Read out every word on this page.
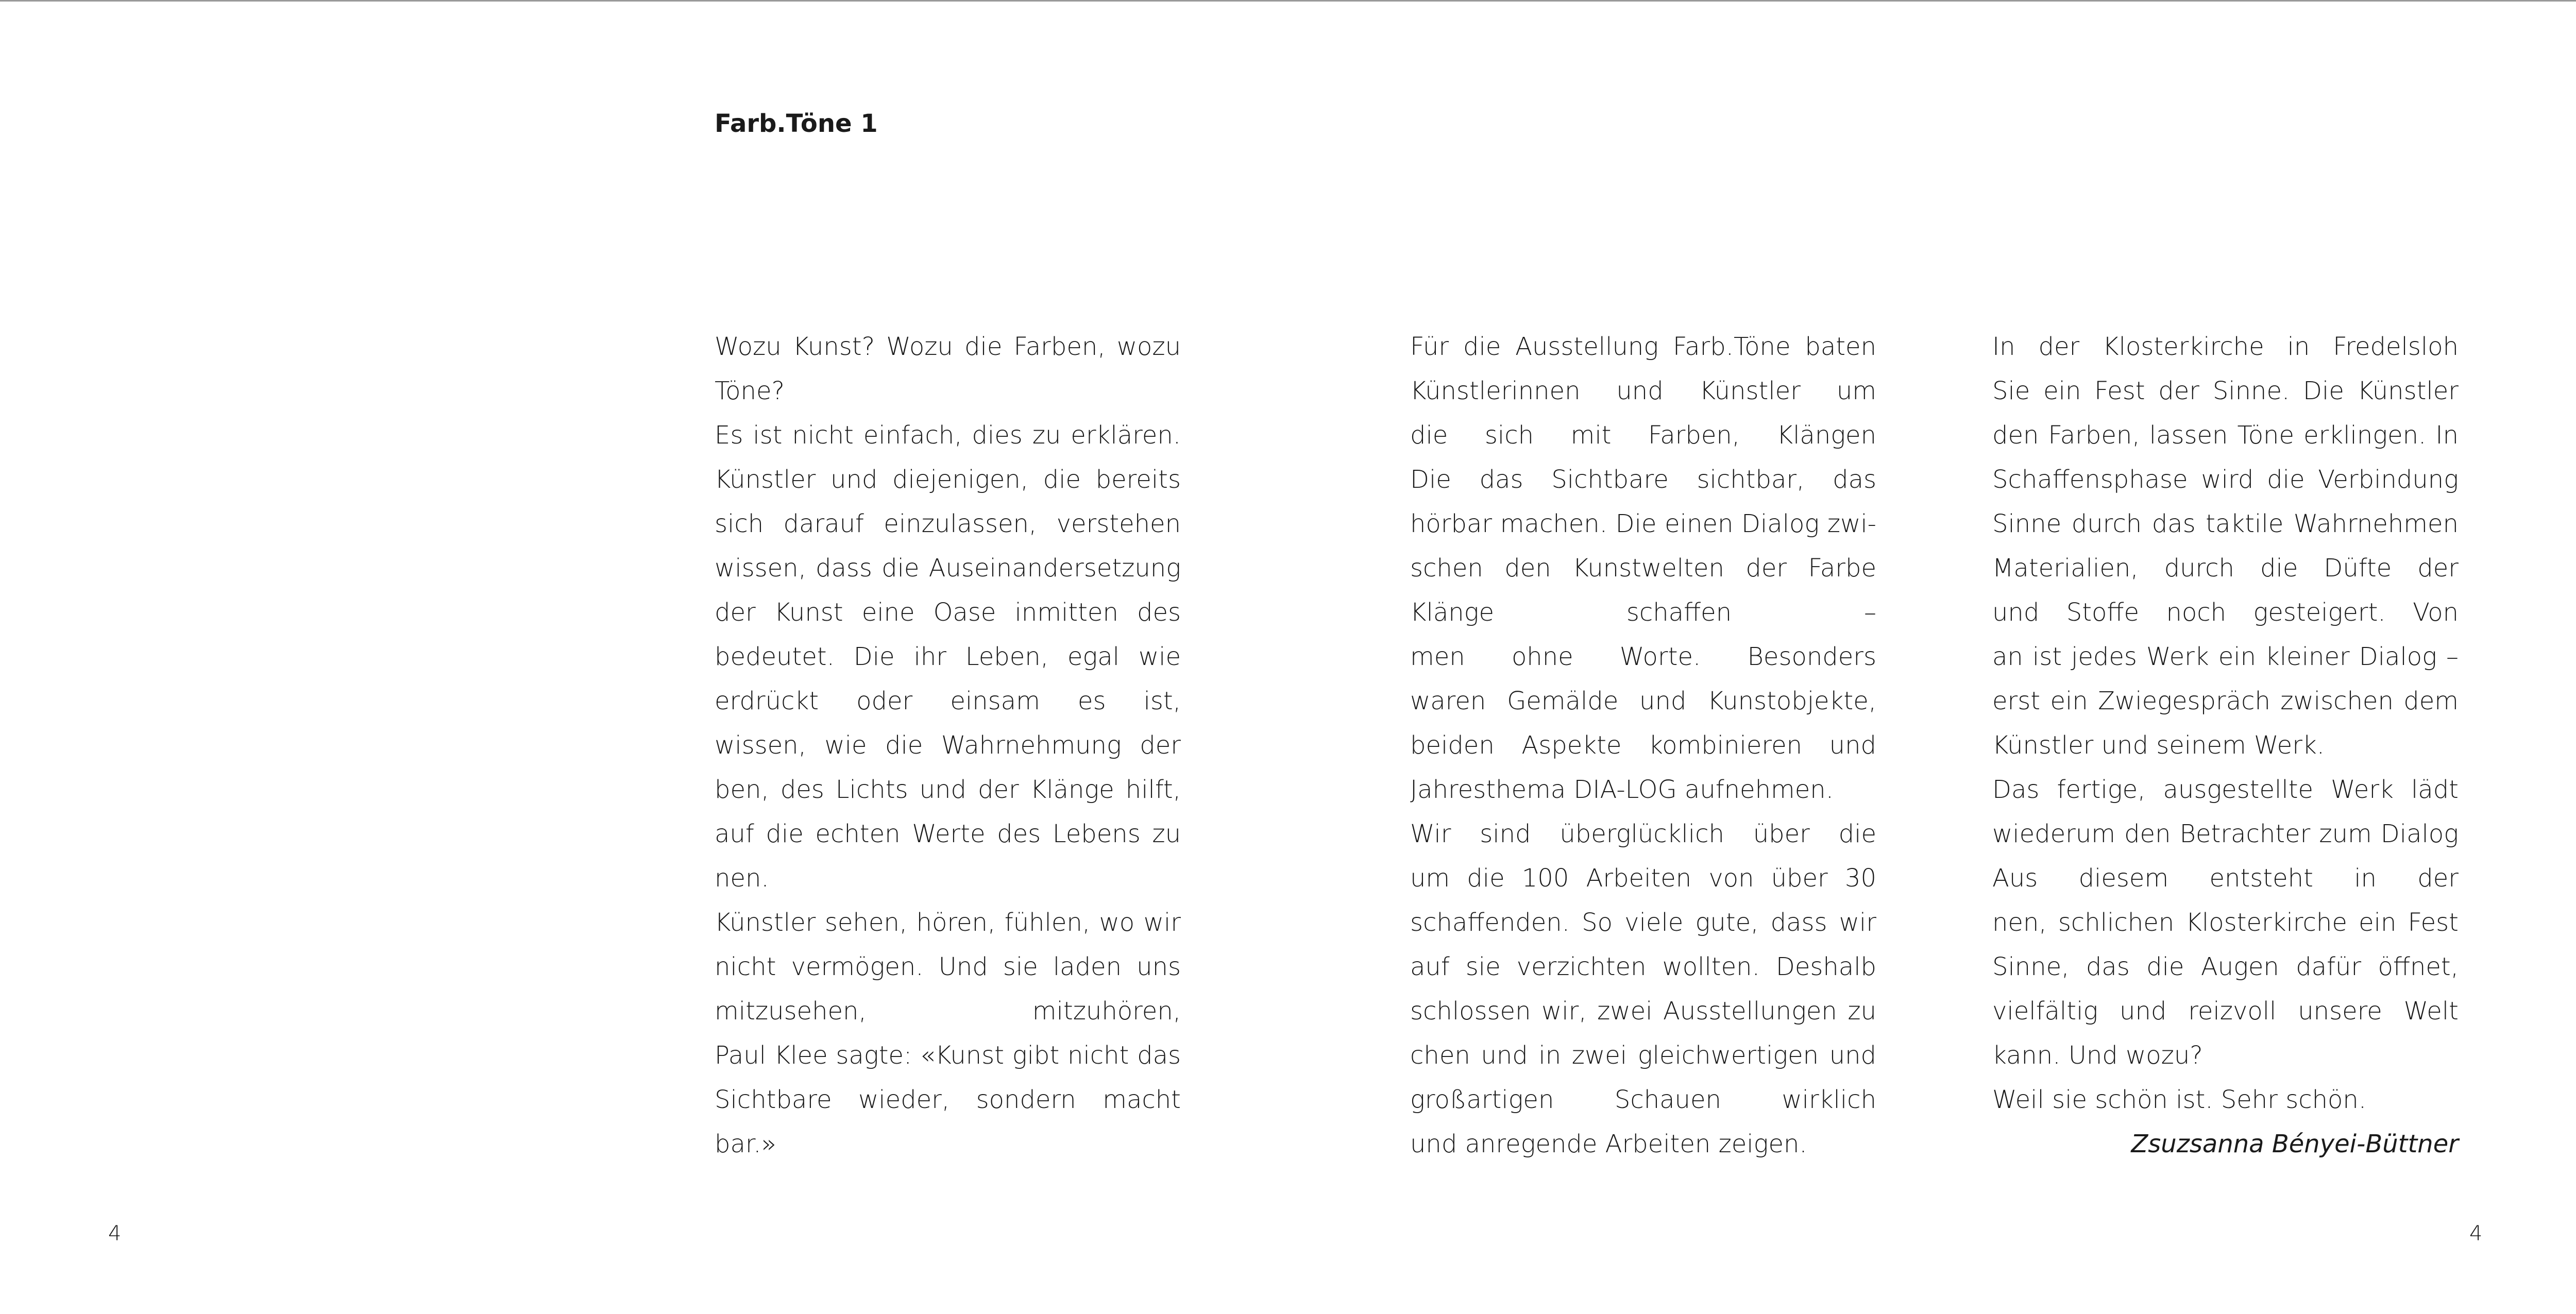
Farb.Töne 1
Wozu Kunst? Wozu die Farben, wozu
Töne?
Es ist nicht einfach, dies zu erklären.
Künstler und diejenigen, die bereits
sich darauf einzulassen, verstehen
wissen, dass die Auseinandersetzung
der Kunst eine Oase inmitten des
bedeutet. Die ihr Leben, egal wie
erdrückt oder einsam es ist,
wissen, wie die Wahrnehmung der
ben, des Lichts und der Klänge hilft,
auf die echten Werte des Lebens zu
nen.
Künstler sehen, hören, fühlen, wo wir
nicht vermögen. Und sie laden uns
mitzusehen, mitzuhören,
Paul Klee sagte: «Kunst gibt nicht das
Sichtbare wieder, sondern macht
bar.»
Für die Ausstellung Farb.Töne baten
Künstlerinnen und Künstler um
die sich mit Farben, Klängen
Die das Sichtbare sichtbar, das
hörbar machen. Die einen Dialog zwi-
schen den Kunstwelten der Farbe
Klänge schaffen –
men ohne Worte. Besonders
waren Gemälde und Kunstobjekte,
beiden Aspekte kombinieren und
Jahresthema DIA-LOG aufnehmen.
Wir sind überglücklich über die
um die 100 Arbeiten von über 30
schaffenden. So viele gute, dass wir
auf sie verzichten wollten. Deshalb
schlossen wir, zwei Ausstellungen zu
chen und in zwei gleichwertigen und
großartigen Schauen wirklich
und anregende Arbeiten zeigen.
In der Klosterkirche in Fredelsloh
Sie ein Fest der Sinne. Die Künstler
den Farben, lassen Töne erklingen. In
Schaffensphase wird die Verbindung
Sinne durch das taktile Wahrnehmen
Materialien, durch die Düfte der
und Stoffe noch gesteigert. Von
an ist jedes Werk ein kleiner Dialog –
erst ein Zwiegespräch zwischen dem
Künstler und seinem Werk.
Das fertige, ausgestellte Werk lädt
wiederum den Betrachter zum Dialog
Aus diesem entsteht in der
nen, schlichen Klosterkirche ein Fest
Sinne, das die Augen dafür öffnet,
vielfältig und reizvoll unsere Welt
kann. Und wozu?
Weil sie schön ist. Sehr schön.
Zsuzsanna Bényei-Büttner
4	4
